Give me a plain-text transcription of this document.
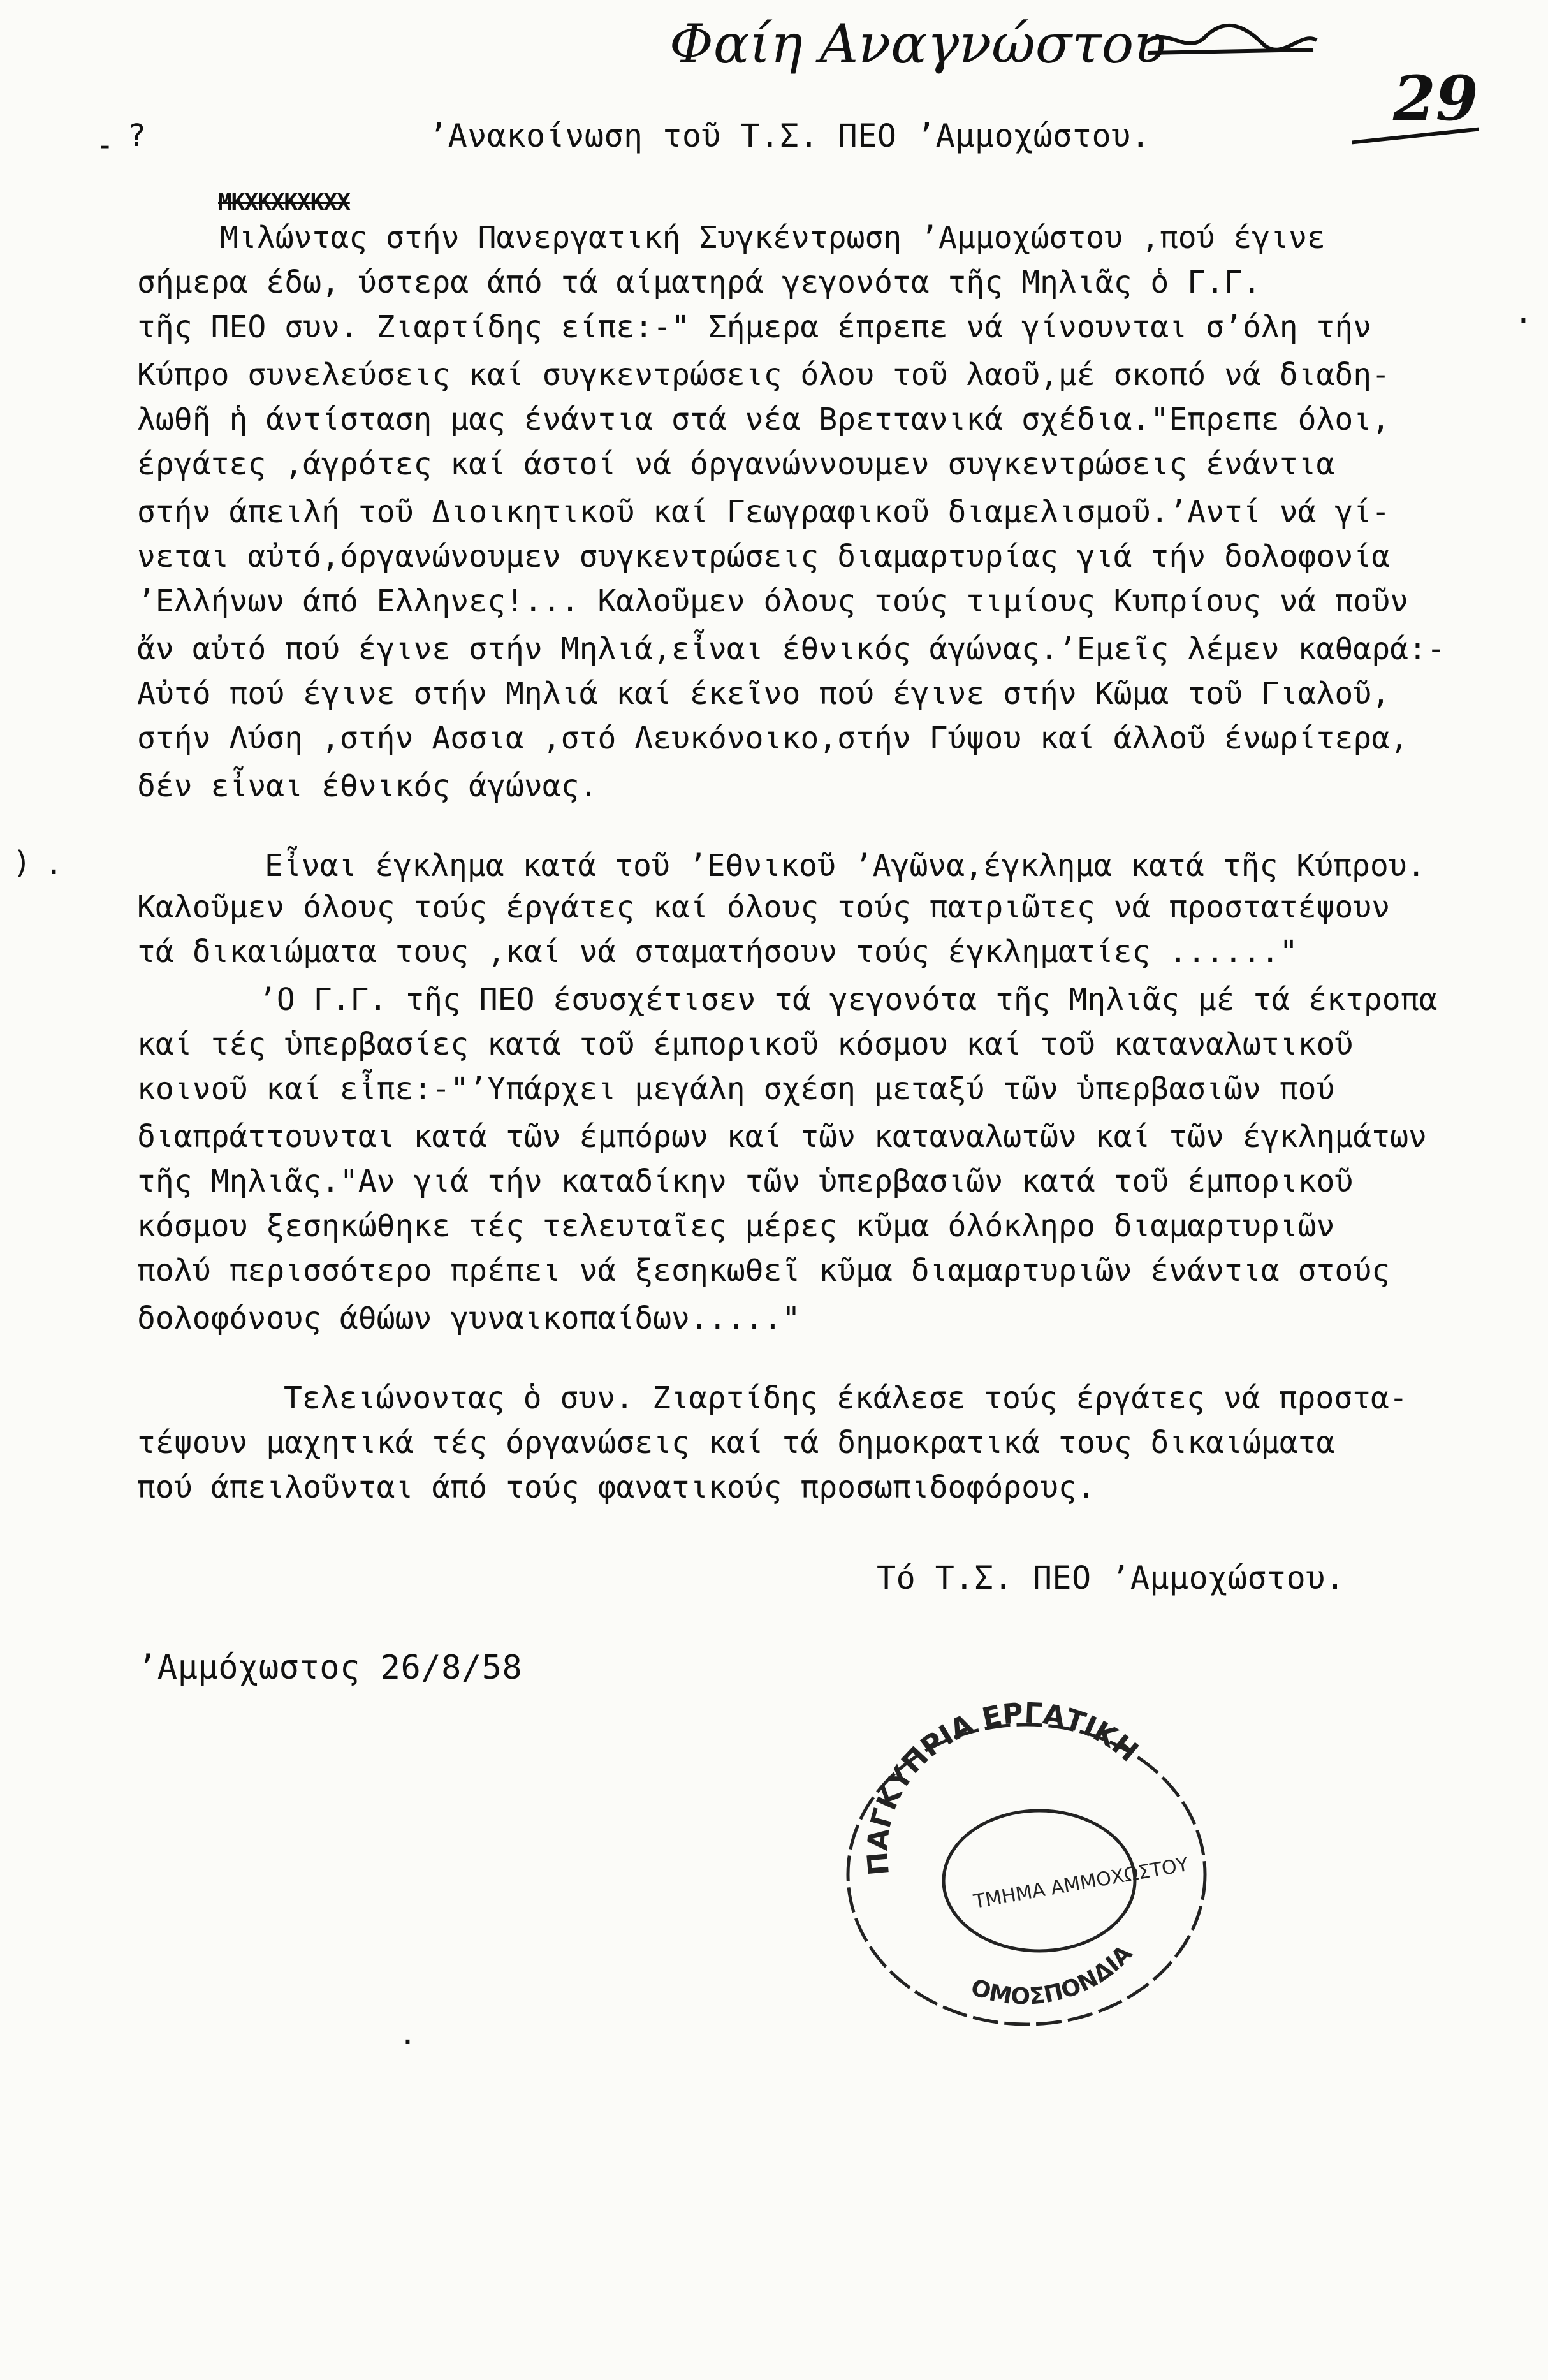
?
-
) ·
·
·
Φαίη Αναγνώστου
29
’Ανακοίνωση τοῦ Τ.Σ. ΠΕΟ ’Αμμοχώστου.
ΜΚΧΚΧΚΧΚΧΧ
Μιλώντας στήν Πανεργατική Συγκέντρωση ’Αμμοχώστου ,πού έγινε
σήμερα έδω, ύστερα άπό τά αίματηρά γεγονότα τῆς Μηλιᾶς ὁ Γ.Γ.
τῆς ΠΕΟ συν. Ζιαρτίδης είπε:-" Σήμερα έπρεπε νά γίνουνται σ’όλη τήν
Κύπρο συνελεύσεις καί συγκεντρώσεις όλου τοῦ λαοῦ,μέ σκοπό νά διαδη-
λωθῆ ἡ άντίσταση μας ένάντια στά νέα Βρεττανικά σχέδια."Επρεπε όλοι,
έργάτες ,άγρότες καί άστοί νά όργανώννουμεν συγκεντρώσεις ένάντια
στήν άπειλή τοῦ Διοικητικοῦ καί Γεωγραφικοῦ διαμελισμοῦ.’Αντί νά γί-
νεται αὐτό,όργανώνουμεν συγκεντρώσεις διαμαρτυρίας γιά τήν δολοφονία
’Ελλήνων άπό Ελληνες!... Καλοῦμεν όλους τούς τιμίους Κυπρίους νά ποῦν
ἄν αὐτό πού έγινε στήν Μηλιά,εἶναι έθνικός άγώνας.’Εμεῖς λέμεν καθαρά:-
Αὐτό πού έγινε στήν Μηλιά καί έκεῖνο πού έγινε στήν Κῶμα τοῦ Γιαλοῦ,
στήν Λύση ,στήν Ασσια ,στό Λευκόνοικο,στήν Γύψου καί άλλοῦ ένωρίτερα,
δέν εἶναι έθνικός άγώνας.
Εἶναι έγκλημα κατά τοῦ ’Εθνικοῦ ’Αγῶνα,έγκλημα κατά τῆς Κύπρου.
Καλοῦμεν όλους τούς έργάτες καί όλους τούς πατριῶτες νά προστατέψουν
τά δικαιώματα τους ,καί νά σταματήσουν τούς έγκληματίες ......"
’Ο Γ.Γ. τῆς ΠΕΟ έσυσχέτισεν τά γεγονότα τῆς Μηλιᾶς μέ τά έκτροπα
καί τές ὑπερβασίες κατά τοῦ έμπορικοῦ κόσμου καί τοῦ καταναλωτικοῦ
κοινοῦ καί εἶπε:-"’Υπάρχει μεγάλη σχέση μεταξύ τῶν ὑπερβασιῶν πού
διαπράττουνται κατά τῶν έμπόρων καί τῶν καταναλωτῶν καί τῶν έγκλημάτων
τῆς Μηλιᾶς."Αν γιά τήν καταδίκην τῶν ὑπερβασιῶν κατά τοῦ έμπορικοῦ
κόσμου ξεσηκώθηκε τές τελευταῖες μέρες κῦμα όλόκληρο διαμαρτυριῶν
πολύ περισσότερο πρέπει νά ξεσηκωθεῖ κῦμα διαμαρτυριῶν ένάντια στούς
δολοφόνους άθώων γυναικοπαίδων....."
Τελειώνοντας ὁ συν. Ζιαρτίδης έκάλεσε τούς έργάτες νά προστα-
τέψουν μαχητικά τές όργανώσεις καί τά δημοκρατικά τους δικαιώματα
πού άπειλοῦνται άπό τούς φανατικούς προσωπιδοφόρους.
Τό Τ.Σ. ΠΕΟ ’Αμμοχώστου.
’Αμμόχωστος 26/8/58
ΠΑΓΚΥΠΡΙΑ ΕΡΓΑΤΙΚΗ
ΤΜΗΜΑ ΑΜΜΟΧΩΣΤΟΥ
ΟΜΟΣΠΟΝΔΙΑ
